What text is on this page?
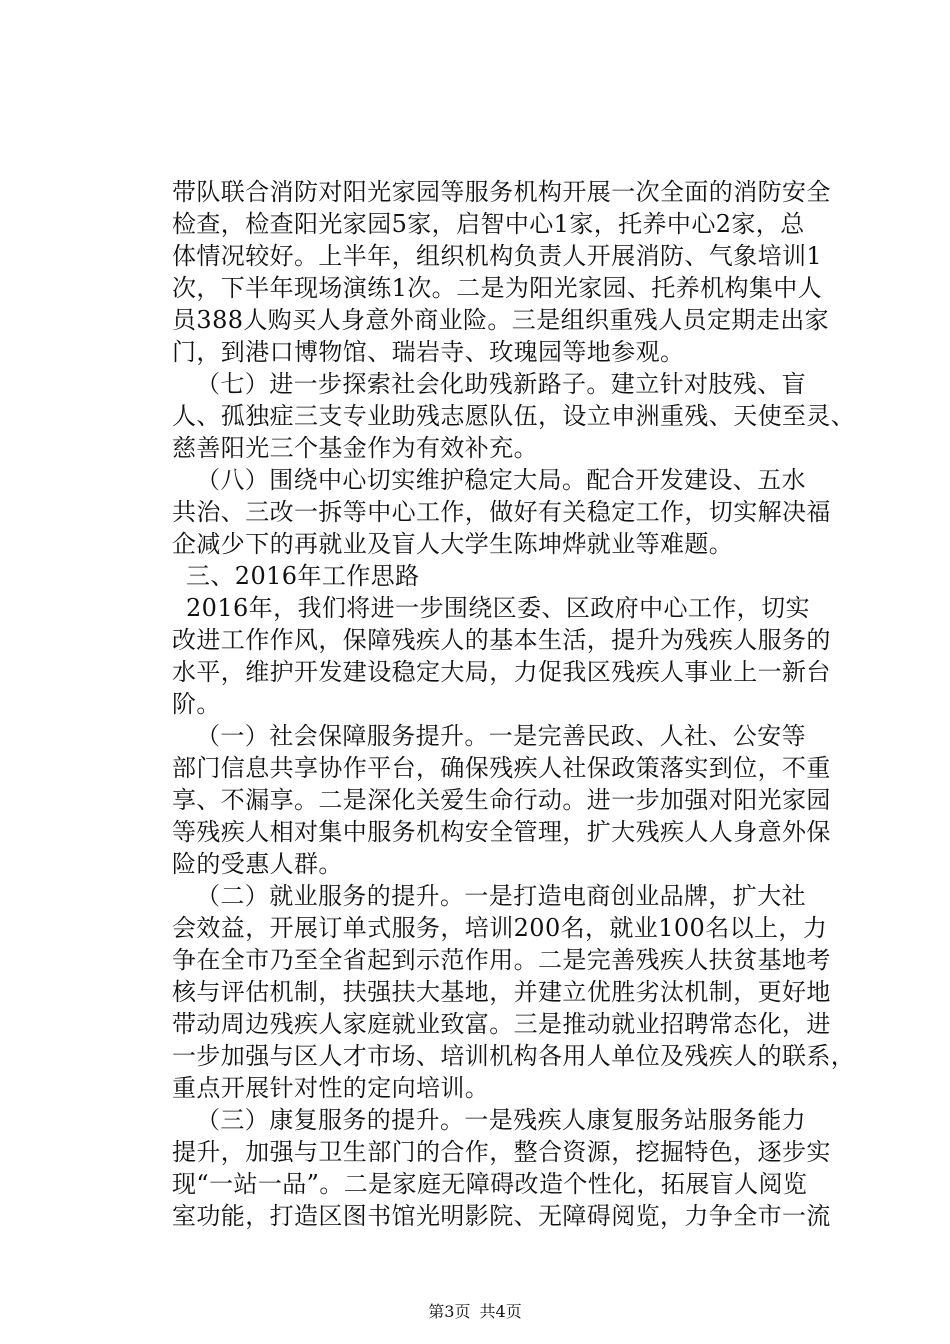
带队联合消防对阳光家园等服务机构开展一次全面的消防安全
检查，检查阳光家园5家，启智中心1家，托养中心2家，总
体情况较好。上半年，组织机构负责人开展消防、气象培训1
次，下半年现场演练1次。二是为阳光家园、托养机构集中人
员388人购买人身意外商业险。三是组织重残人员定期走出家
门，到港口博物馆、瑞岩寺、玫瑰园等地参观。
（七）进一步探索社会化助残新路子。建立针对肢残、盲
人、孤独症三支专业助残志愿队伍，设立申洲重残、天使至灵、
慈善阳光三个基金作为有效补充。
（八）围绕中心切实维护稳定大局。配合开发建设、五水
共治、三改一拆等中心工作，做好有关稳定工作，切实解决福
企减少下的再就业及盲人大学生陈坤烨就业等难题。
三、2016年工作思路
2016年，我们将进一步围绕区委、区政府中心工作，切实
改进工作作风，保障残疾人的基本生活，提升为残疾人服务的
水平，维护开发建设稳定大局，力促我区残疾人事业上一新台
阶。
（一）社会保障服务提升。一是完善民政、人社、公安等
部门信息共享协作平台，确保残疾人社保政策落实到位，不重
享、不漏享。二是深化关爱生命行动。进一步加强对阳光家园
等残疾人相对集中服务机构安全管理，扩大残疾人人身意外保
险的受惠人群。
（二）就业服务的提升。一是打造电商创业品牌，扩大社
会效益，开展订单式服务，培训200名，就业100名以上，力
争在全市乃至全省起到示范作用。二是完善残疾人扶贫基地考
核与评估机制，扶强扶大基地，并建立优胜劣汰机制，更好地
带动周边残疾人家庭就业致富。三是推动就业招聘常态化，进
一步加强与区人才市场、培训机构各用人单位及残疾人的联系，
重点开展针对性的定向培训。
（三）康复服务的提升。一是残疾人康复服务站服务能力
提升，加强与卫生部门的合作，整合资源，挖掘特色，逐步实
现“一站一品”。二是家庭无障碍改造个性化，拓展盲人阅览
室功能，打造区图书馆光明影院、无障碍阅览，力争全市一流
第3页 共4页
